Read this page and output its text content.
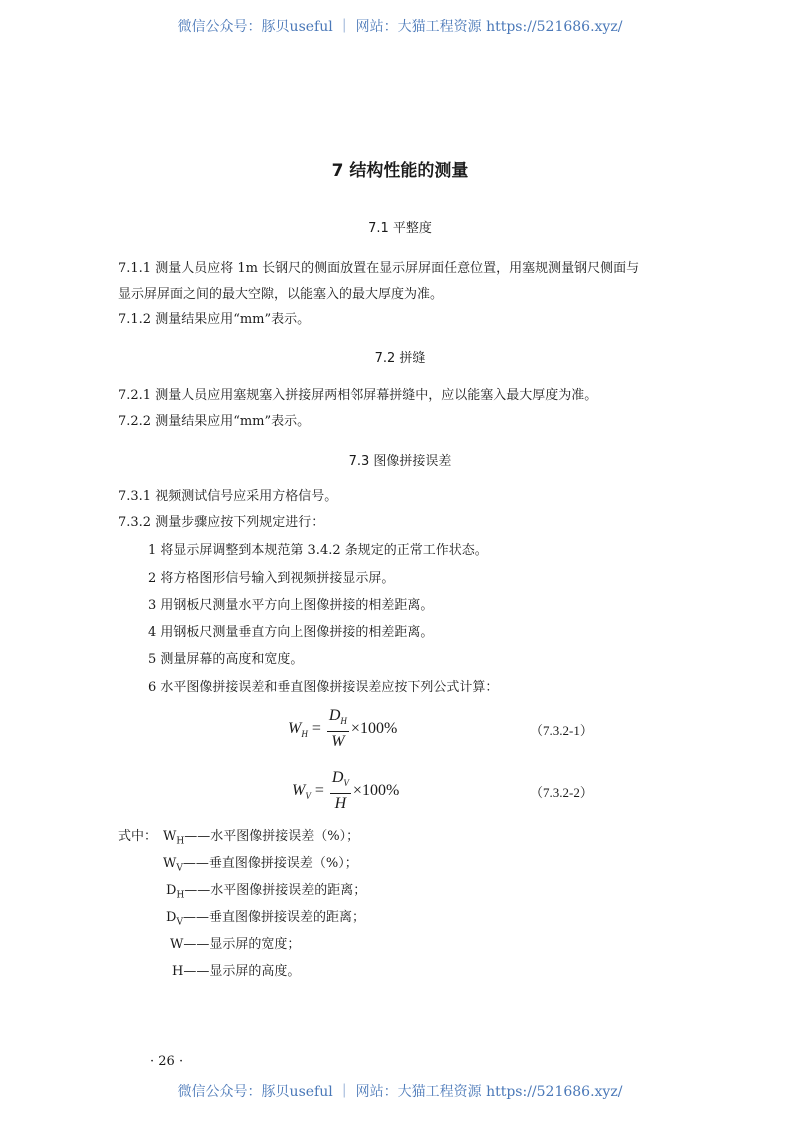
微信公众号：豚贝useful ｜ 网站：大猫工程资源 https://521686.xyz/
7 结构性能的测量
7.1 平整度
7.1.1 测量人员应将 1m 长钢尺的侧面放置在显示屏屏面任意位置，用塞规测量钢尺侧面与
显示屏屏面之间的最大空隙，以能塞入的最大厚度为准。
7.1.2 测量结果应用“mm”表示。
7.2 拼缝
7.2.1 测量人员应用塞规塞入拼接屏两相邻屏幕拼缝中，应以能塞入最大厚度为准。
7.2.2 测量结果应用“mm”表示。
7.3 图像拼接误差
7.3.1 视频测试信号应采用方格信号。
7.3.2 测量步骤应按下列规定进行：
1 将显示屏调整到本规范第 3.4.2 条规定的正常工作状态。
2 将方格图形信号输入到视频拼接显示屏。
3 用钢板尺测量水平方向上图像拼接的相差距离。
4 用钢板尺测量垂直方向上图像拼接的相差距离。
5 测量屏幕的高度和宽度。
6 水平图像拼接误差和垂直图像拼接误差应按下列公式计算：
$W_H = \frac{D_H}{W} \times 100\%$	（7.3.2-1）
$W_V = \frac{D_V}{H} \times 100\%$	（7.3.2-2）
式中： $W_H——$水平图像拼接误差（%）；
$W_V——$垂直图像拼接误差（%）；
$D_H——$水平图像拼接误差的距离；
$D_V——$垂直图像拼接误差的距离；
W——显示屏的宽度；
H——显示屏的高度。
· 26 ·
微信公众号：豚贝useful ｜ 网站：大猫工程资源 https://521686.xyz/
